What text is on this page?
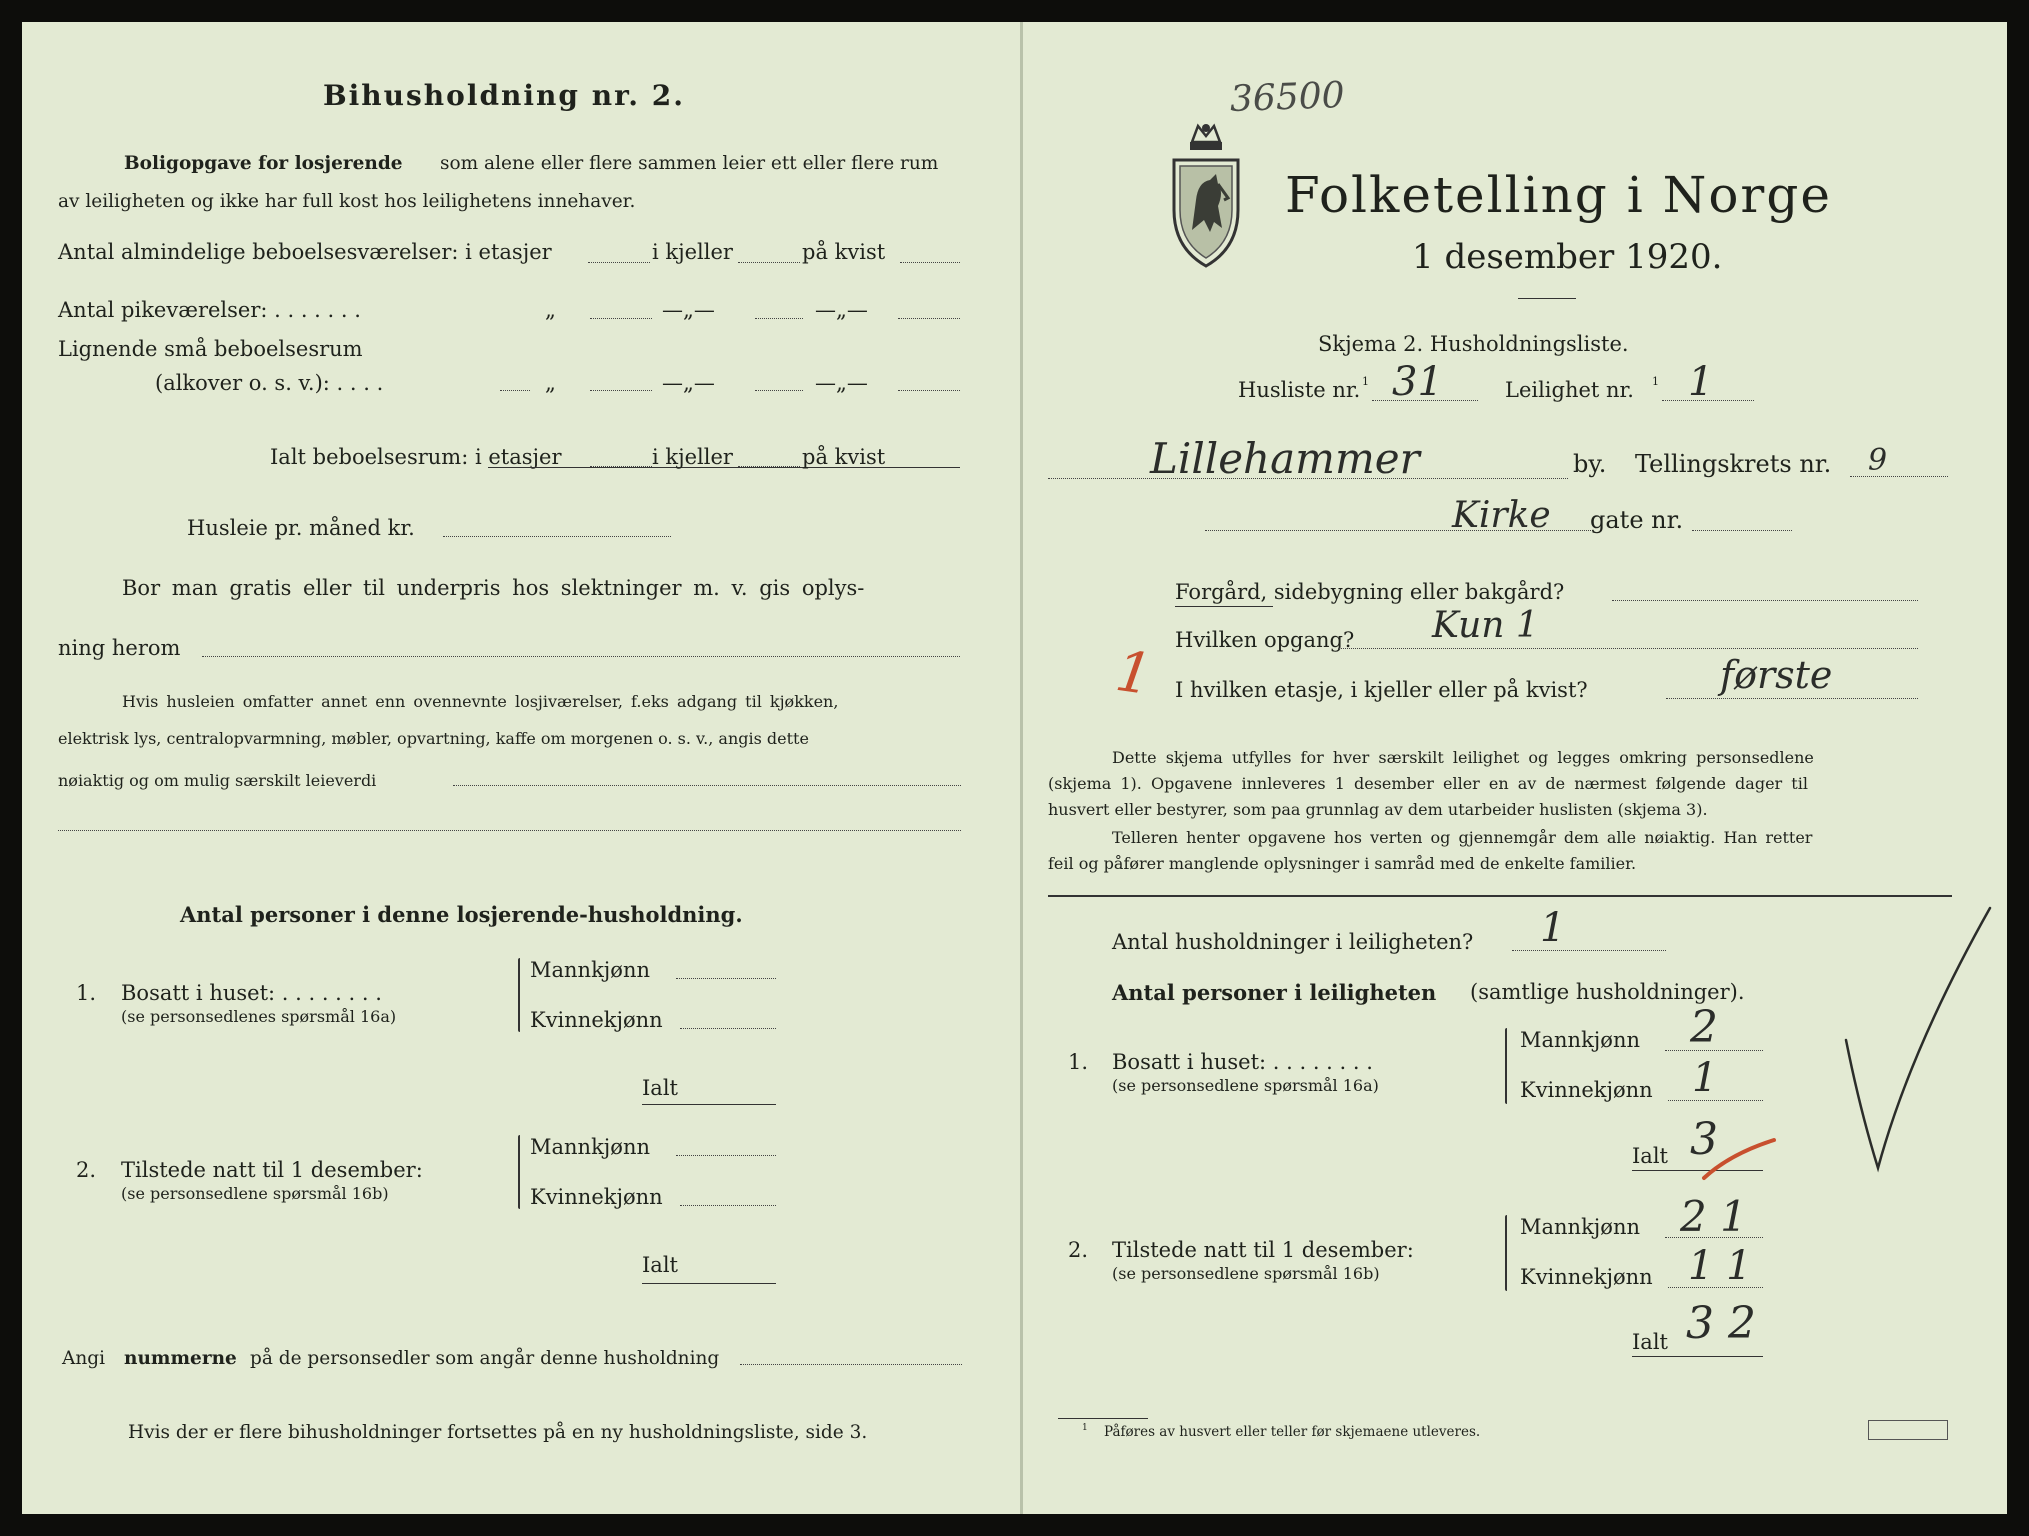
Bihusholdning nr. 2.
Boligopgave for losjerende som alene eller flere sammen leier ett eller flere rum
av leiligheten og ikke har full kost hos leilighetens innehaver.
Antal almindelige beboelsesværelser: i etasjer	i kjeller	på kvist
Antal pikeværelser: . . . . . . .	„	—„—	—„—
Lignende små beboelsesrum
(alkover o. s. v.): . . . .	„	—„—	—„—
Ialt beboelsesrum: i etasjer	i kjeller	på kvist
Husleie pr. måned kr.
Bor man gratis eller til underpris hos slektninger m. v. gis oplys-
ning herom
Hvis husleien omfatter annet enn ovennevnte losjiværelser, f.eks adgang til kjøkken,
elektrisk lys, centralopvarmning, møbler, opvartning, kaffe om morgenen o. s. v., angis dette
nøiaktig og om mulig særskilt leieverdi
Antal personer i denne losjerende-husholdning.
1. Bosatt i huset: . . . . . . . .
(se personsedlenes spørsmål 16a)
Mannkjønn
Kvinnekjønn
Ialt
2. Tilstede natt til 1 desember:
(se personsedlene spørsmål 16b)
Mannkjønn
Kvinnekjønn
Ialt
Angi nummerne på de personsedler som angår denne husholdning
Hvis der er flere bihusholdninger fortsettes på en ny husholdningsliste, side 3.
36500
Folketelling i Norge
1 desember 1920.
Skjema 2. Husholdningsliste.
Husliste nr. 1 31	Leilighet nr. 1 1
Lillehammer	by. Tellingskrets nr. 9
Kirke gate nr.
Forgård, sidebygning eller bakgård?
Hvilken opgang? Kun 1
1 I hvilken etasje, i kjeller eller på kvist?	første
Dette skjema utfylles for hver særskilt leilighet og legges omkring personsedlene
(skjema 1). Opgavene innleveres 1 desember eller en av de nærmest følgende dager til
husvert eller bestyrer, som paa grunnlag av dem utarbeider huslisten (skjema 3).
Telleren henter opgavene hos verten og gjennemgår dem alle nøiaktig. Han retter
feil og påfører manglende oplysninger i samråd med de enkelte familier.
Antal husholdninger i leiligheten? 1
Antal personer i leiligheten (samtlige husholdninger).
1. Bosatt i huset: . . . . . . . .
(se personsedlene spørsmål 16a)
Mannkjønn 2
Kvinnekjønn 1
Ialt 3
2. Tilstede natt til 1 desember:
(se personsedlene spørsmål 16b)
Mannkjønn 2 1
Kvinnekjønn 1 1
Ialt 3 2
1 Påføres av husvert eller teller før skjemaene utleveres.
